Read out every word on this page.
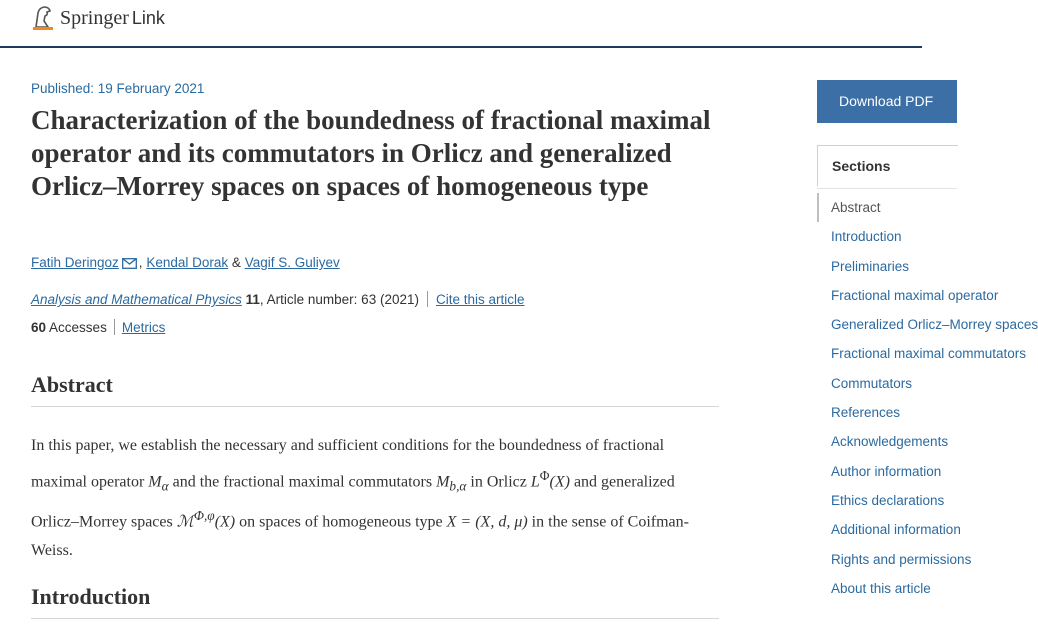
Springer Link
Published: 19 February 2021
Characterization of the boundedness of fractional maximal operator and its commutators in Orlicz and generalized Orlicz–Morrey spaces on spaces of homogeneous type
Fatih Deringoz , Kendal Dorak & Vagif S. Guliyev
Analysis and Mathematical Physics 11, Article number: 63 (2021) Cite this article
60 Accesses Metrics
Abstract

In this paper, we establish the necessary and sufficient conditions for the boundedness of fractional maximal operator $M_\alpha$ and the fractional maximal commutators $M_{b,\alpha}$ in Orlicz $L^\Phi(X)$ and generalized Orlicz–Morrey spaces ℳ$^{\Phi,\varphi}$(X) on spaces of homogeneous type X = (X, d, μ) in the sense of Coifman-Weiss.

Introduction
Download PDF
Sections
Abstract
Introduction
Preliminaries
Fractional maximal operator
Generalized Orlicz–Morrey spaces
Fractional maximal commutators
Commutators
References
Acknowledgements
Author information
Ethics declarations
Additional information
Rights and permissions
About this article
